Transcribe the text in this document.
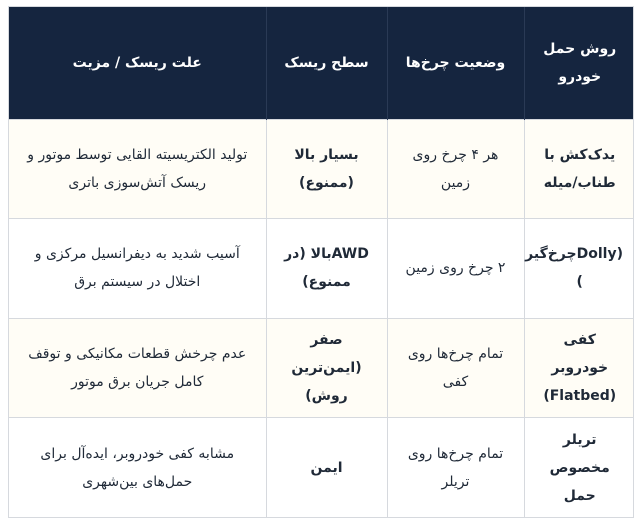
روش حمل خودرو	وضعیت چرخ‌ها	سطح ریسک	علت ریسک / مزیت
یدک‌کش با طناب/میله	هر ۴ چرخ روی زمین	بسیار بالا (ممنوع)	تولید الکتریسیته القایی توسط موتور و ریسک آتش‌سوزی باتری
(Dollyچرخ‌گیر )	۲ چرخ روی زمین	AWDبالا (در ممنوع)	آسیب شدید به دیفرانسیل مرکزی و اختلال در سیستم برق
کفی خودروبر (Flatbed)	تمام چرخ‌ها روی کفی	صفر (ایمن‌ترین روش)	عدم چرخش قطعات مکانیکی و توقف کامل جریان برق موتور
تریلر مخصوص حمل	تمام چرخ‌ها روی تریلر	ایمن	مشابه کفی خودروبر، ایده‌آل برای حمل‌های بین‌شهری
